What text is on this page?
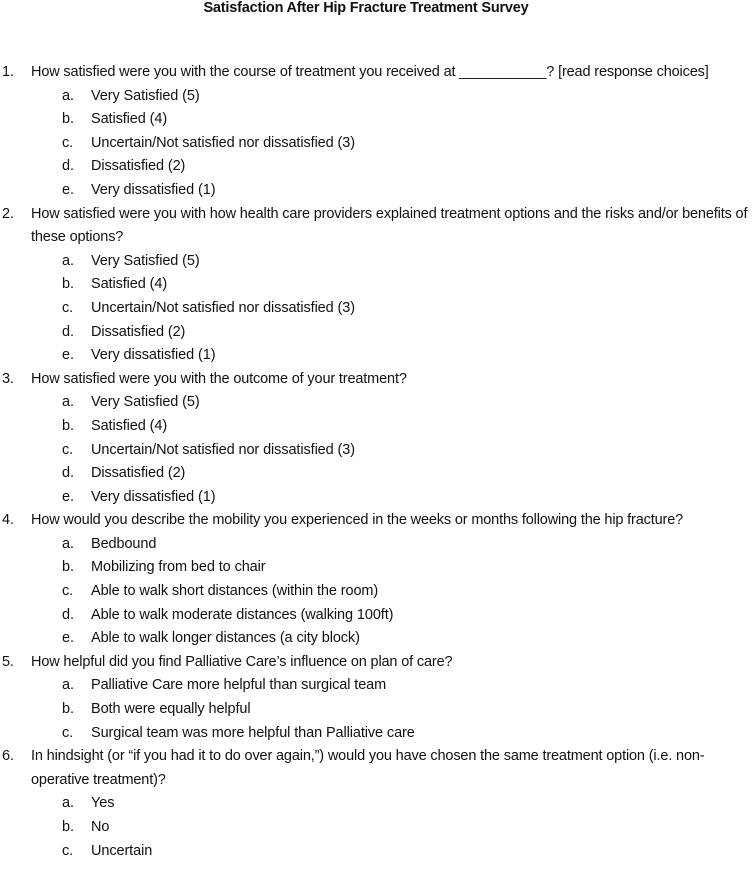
Satisfaction After Hip Fracture Treatment Survey
1. How satisfied were you with the course of treatment you received at ___________? [read response choices]
a. Very Satisfied (5)
b. Satisfied (4)
c. Uncertain/Not satisfied nor dissatisfied (3)
d. Dissatisfied (2)
e. Very dissatisfied (1)
2. How satisfied were you with how health care providers explained treatment options and the risks and/or benefits of these options?
a. Very Satisfied (5)
b. Satisfied (4)
c. Uncertain/Not satisfied nor dissatisfied (3)
d. Dissatisfied (2)
e. Very dissatisfied (1)
3. How satisfied were you with the outcome of your treatment?
a. Very Satisfied (5)
b. Satisfied (4)
c. Uncertain/Not satisfied nor dissatisfied (3)
d. Dissatisfied (2)
e. Very dissatisfied (1)
4. How would you describe the mobility you experienced in the weeks or months following the hip fracture?
a. Bedbound
b. Mobilizing from bed to chair
c. Able to walk short distances (within the room)
d. Able to walk moderate distances (walking 100ft)
e. Able to walk longer distances (a city block)
5. How helpful did you find Palliative Care’s influence on plan of care?
a. Palliative Care more helpful than surgical team
b. Both were equally helpful
c. Surgical team was more helpful than Palliative care
6. In hindsight (or “if you had it to do over again,”) would you have chosen the same treatment option (i.e. non-operative treatment)?
a. Yes
b. No
c. Uncertain
